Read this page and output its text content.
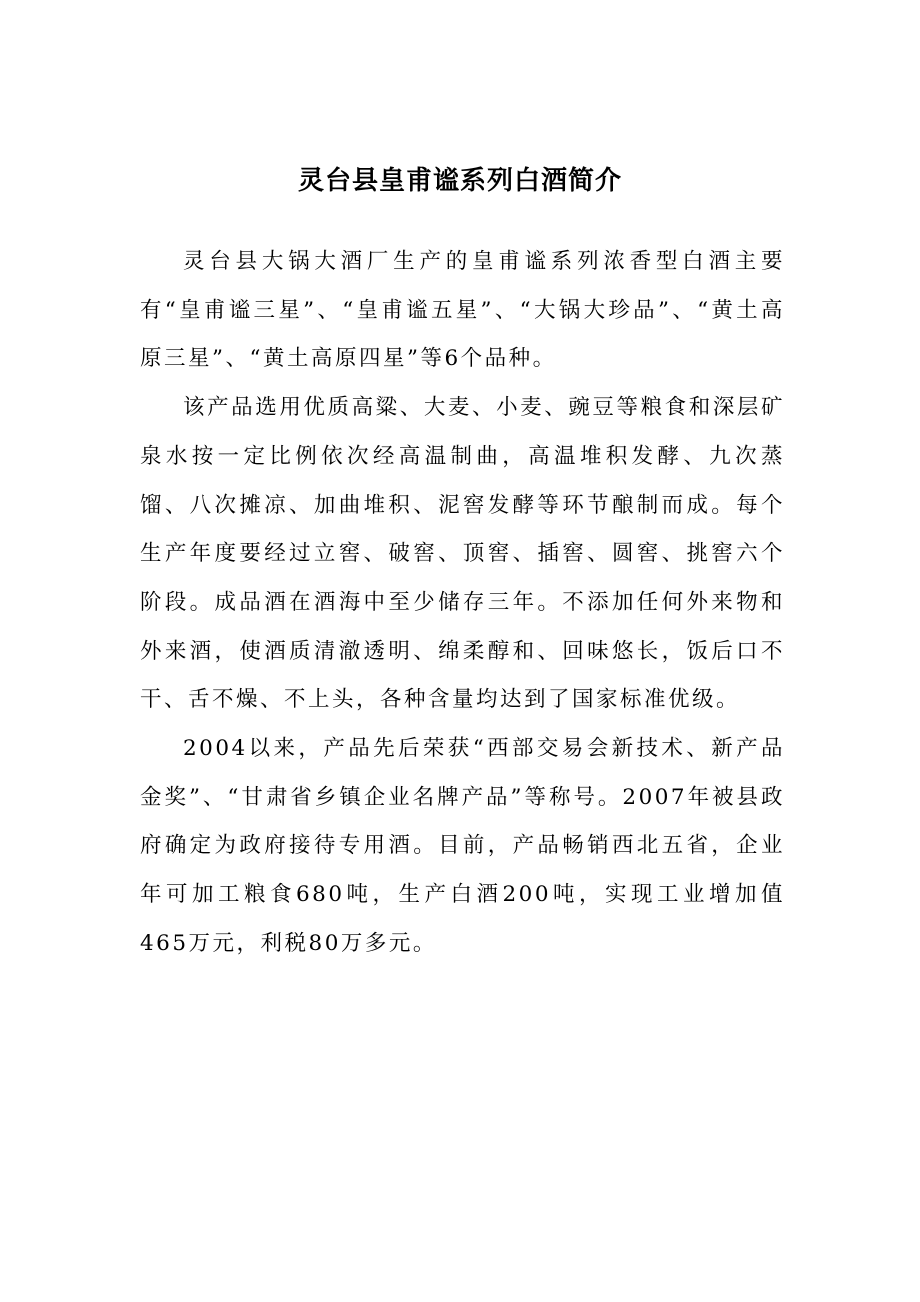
灵台县皇甫谧系列白酒简介

灵台县大锅大酒厂生产的皇甫谧系列浓香型白酒主要有“皇甫谧三星”、“皇甫谧五星”、“大锅大珍品”、“黄土高原三星”、“黄土高原四星”等6个品种。

该产品选用优质高粱、大麦、小麦、豌豆等粮食和深层矿泉水按一定比例依次经高温制曲，高温堆积发酵、九次蒸馏、八次摊凉、加曲堆积、泥窖发酵等环节酿制而成。每个生产年度要经过立窖、破窖、顶窖、插窖、圆窖、挑窖六个阶段。成品酒在酒海中至少储存三年。不添加任何外来物和外来酒，使酒质清澈透明、绵柔醇和、回味悠长，饭后口不干、舌不燥、不上头，各种含量均达到了国家标准优级。

2004以来，产品先后荣获“西部交易会新技术、新产品金奖”、“甘肃省乡镇企业名牌产品”等称号。2007年被县政府确定为政府接待专用酒。目前，产品畅销西北五省，企业年可加工粮食680吨，生产白酒200吨，实现工业增加值465万元，利税80万多元。
